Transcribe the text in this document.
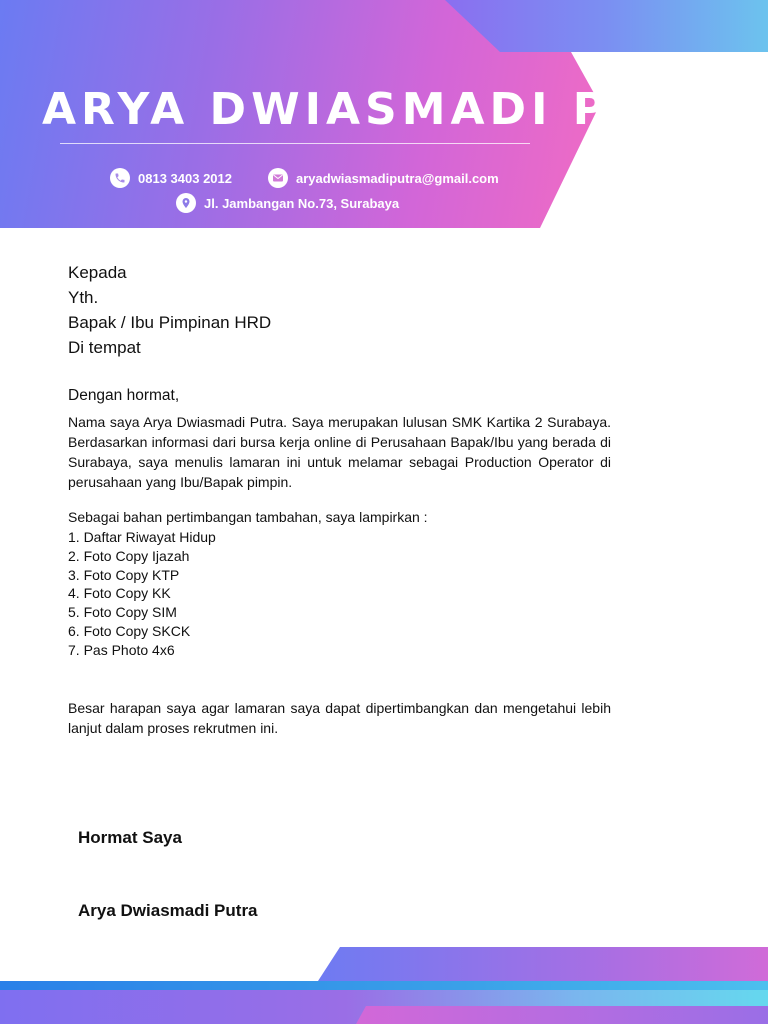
ARYA DWIASMADI PUTRA
0813 3403 2012	aryadwiasmadiputra@gmail.com
Jl. Jambangan No.73, Surabaya
Kepada
Yth.
Bapak / Ibu Pimpinan HRD
Di tempat
Dengan hormat,

Nama saya Arya Dwiasmadi Putra. Saya merupakan lulusan SMK Kartika 2 Surabaya. Berdasarkan informasi dari bursa kerja online di Perusahaan Bapak/Ibu yang berada di Surabaya, saya menulis lamaran ini untuk melamar sebagai Production Operator di perusahaan yang Ibu/Bapak pimpin.

Sebagai bahan pertimbangan tambahan, saya lampirkan :
1. Daftar Riwayat Hidup
2. Foto Copy Ijazah
3. Foto Copy KTP
4. Foto Copy KK
5. Foto Copy SIM
6. Foto Copy SKCK
7. Pas Photo 4x6

Besar harapan saya agar lamaran saya dapat dipertimbangkan dan mengetahui lebih lanjut dalam proses rekrutmen ini.

Hormat Saya
Arya Dwiasmadi Putra
